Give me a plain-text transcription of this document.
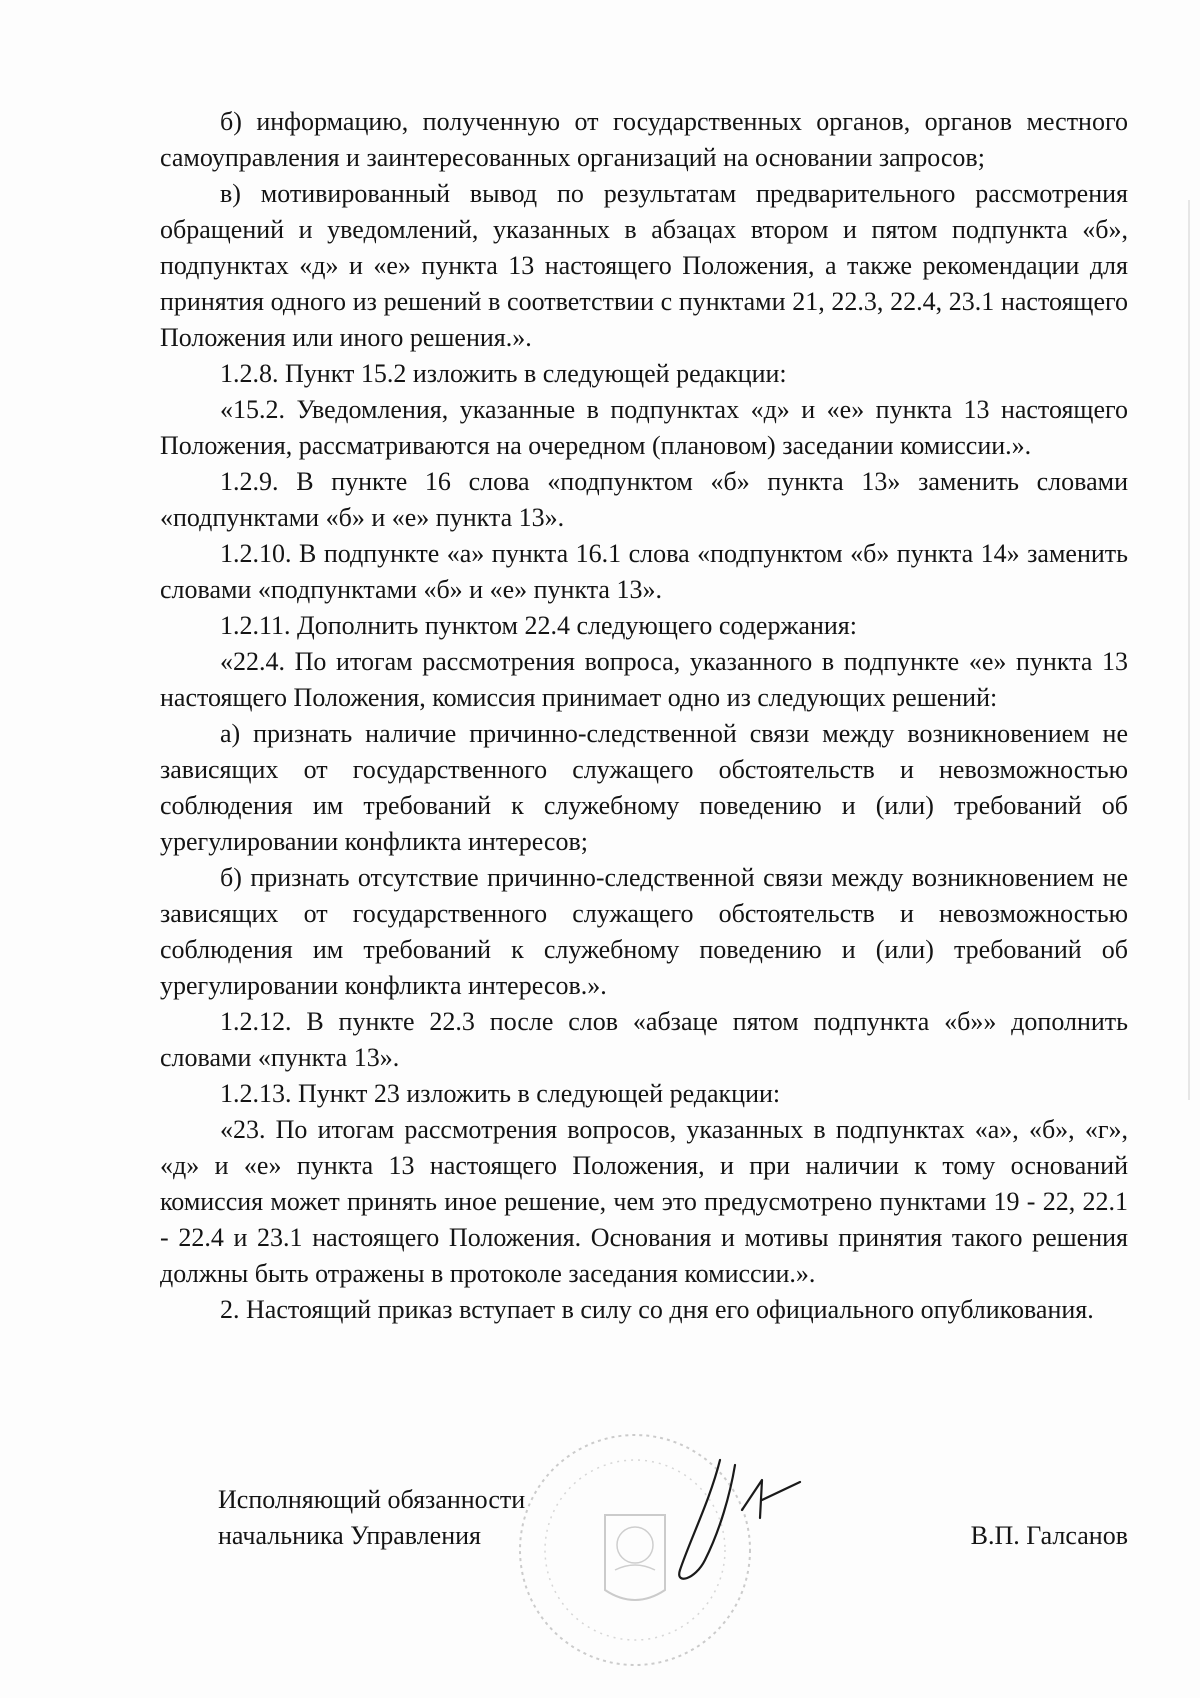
б) информацию, полученную от государственных органов, органов местного самоуправления и заинтересованных организаций на основании запросов;

в) мотивированный вывод по результатам предварительного рассмотрения обращений и уведомлений, указанных в абзацах втором и пятом подпункта «б», подпунктах «д» и «е» пункта 13 настоящего Положения, а также рекомендации для принятия одного из решений в соответствии с пунктами 21, 22.3, 22.4, 23.1 настоящего Положения или иного решения.».

1.2.8. Пункт 15.2 изложить в следующей редакции:

«15.2. Уведомления, указанные в подпунктах «д» и «е» пункта 13 настоящего Положения, рассматриваются на очередном (плановом) заседании комиссии.».

1.2.9. В пункте 16 слова «подпунктом «б» пункта 13» заменить словами «подпунктами «б» и «е» пункта 13».

1.2.10. В подпункте «а» пункта 16.1 слова «подпунктом «б» пункта 14» заменить словами «подпунктами «б» и «е» пункта 13».

1.2.11. Дополнить пунктом 22.4 следующего содержания:

«22.4. По итогам рассмотрения вопроса, указанного в подпункте «е» пункта 13 настоящего Положения, комиссия принимает одно из следующих решений:

а) признать наличие причинно-следственной связи между возникновением не зависящих от государственного служащего обстоятельств и невозможностью соблюдения им требований к служебному поведению и (или) требований об урегулировании конфликта интересов;

б) признать отсутствие причинно-следственной связи между возникновением не зависящих от государственного служащего обстоятельств и невозможностью соблюдения им требований к служебному поведению и (или) требований об урегулировании конфликта интересов.».

1.2.12. В пункте 22.3 после слов «абзаце пятом подпункта «б»» дополнить словами «пункта 13».

1.2.13. Пункт 23 изложить в следующей редакции:

«23. По итогам рассмотрения вопросов, указанных в подпунктах «а», «б», «г», «д» и «е» пункта 13 настоящего Положения, и при наличии к тому оснований комиссия может принять иное решение, чем это предусмотрено пунктами 19 - 22, 22.1 - 22.4 и 23.1 настоящего Положения. Основания и мотивы принятия такого решения должны быть отражены в протоколе заседания комиссии.».

2. Настоящий приказ вступает в силу со дня его официального опубликования.

Исполняющий обязанности
начальника Управления	В.П. Галсанов
